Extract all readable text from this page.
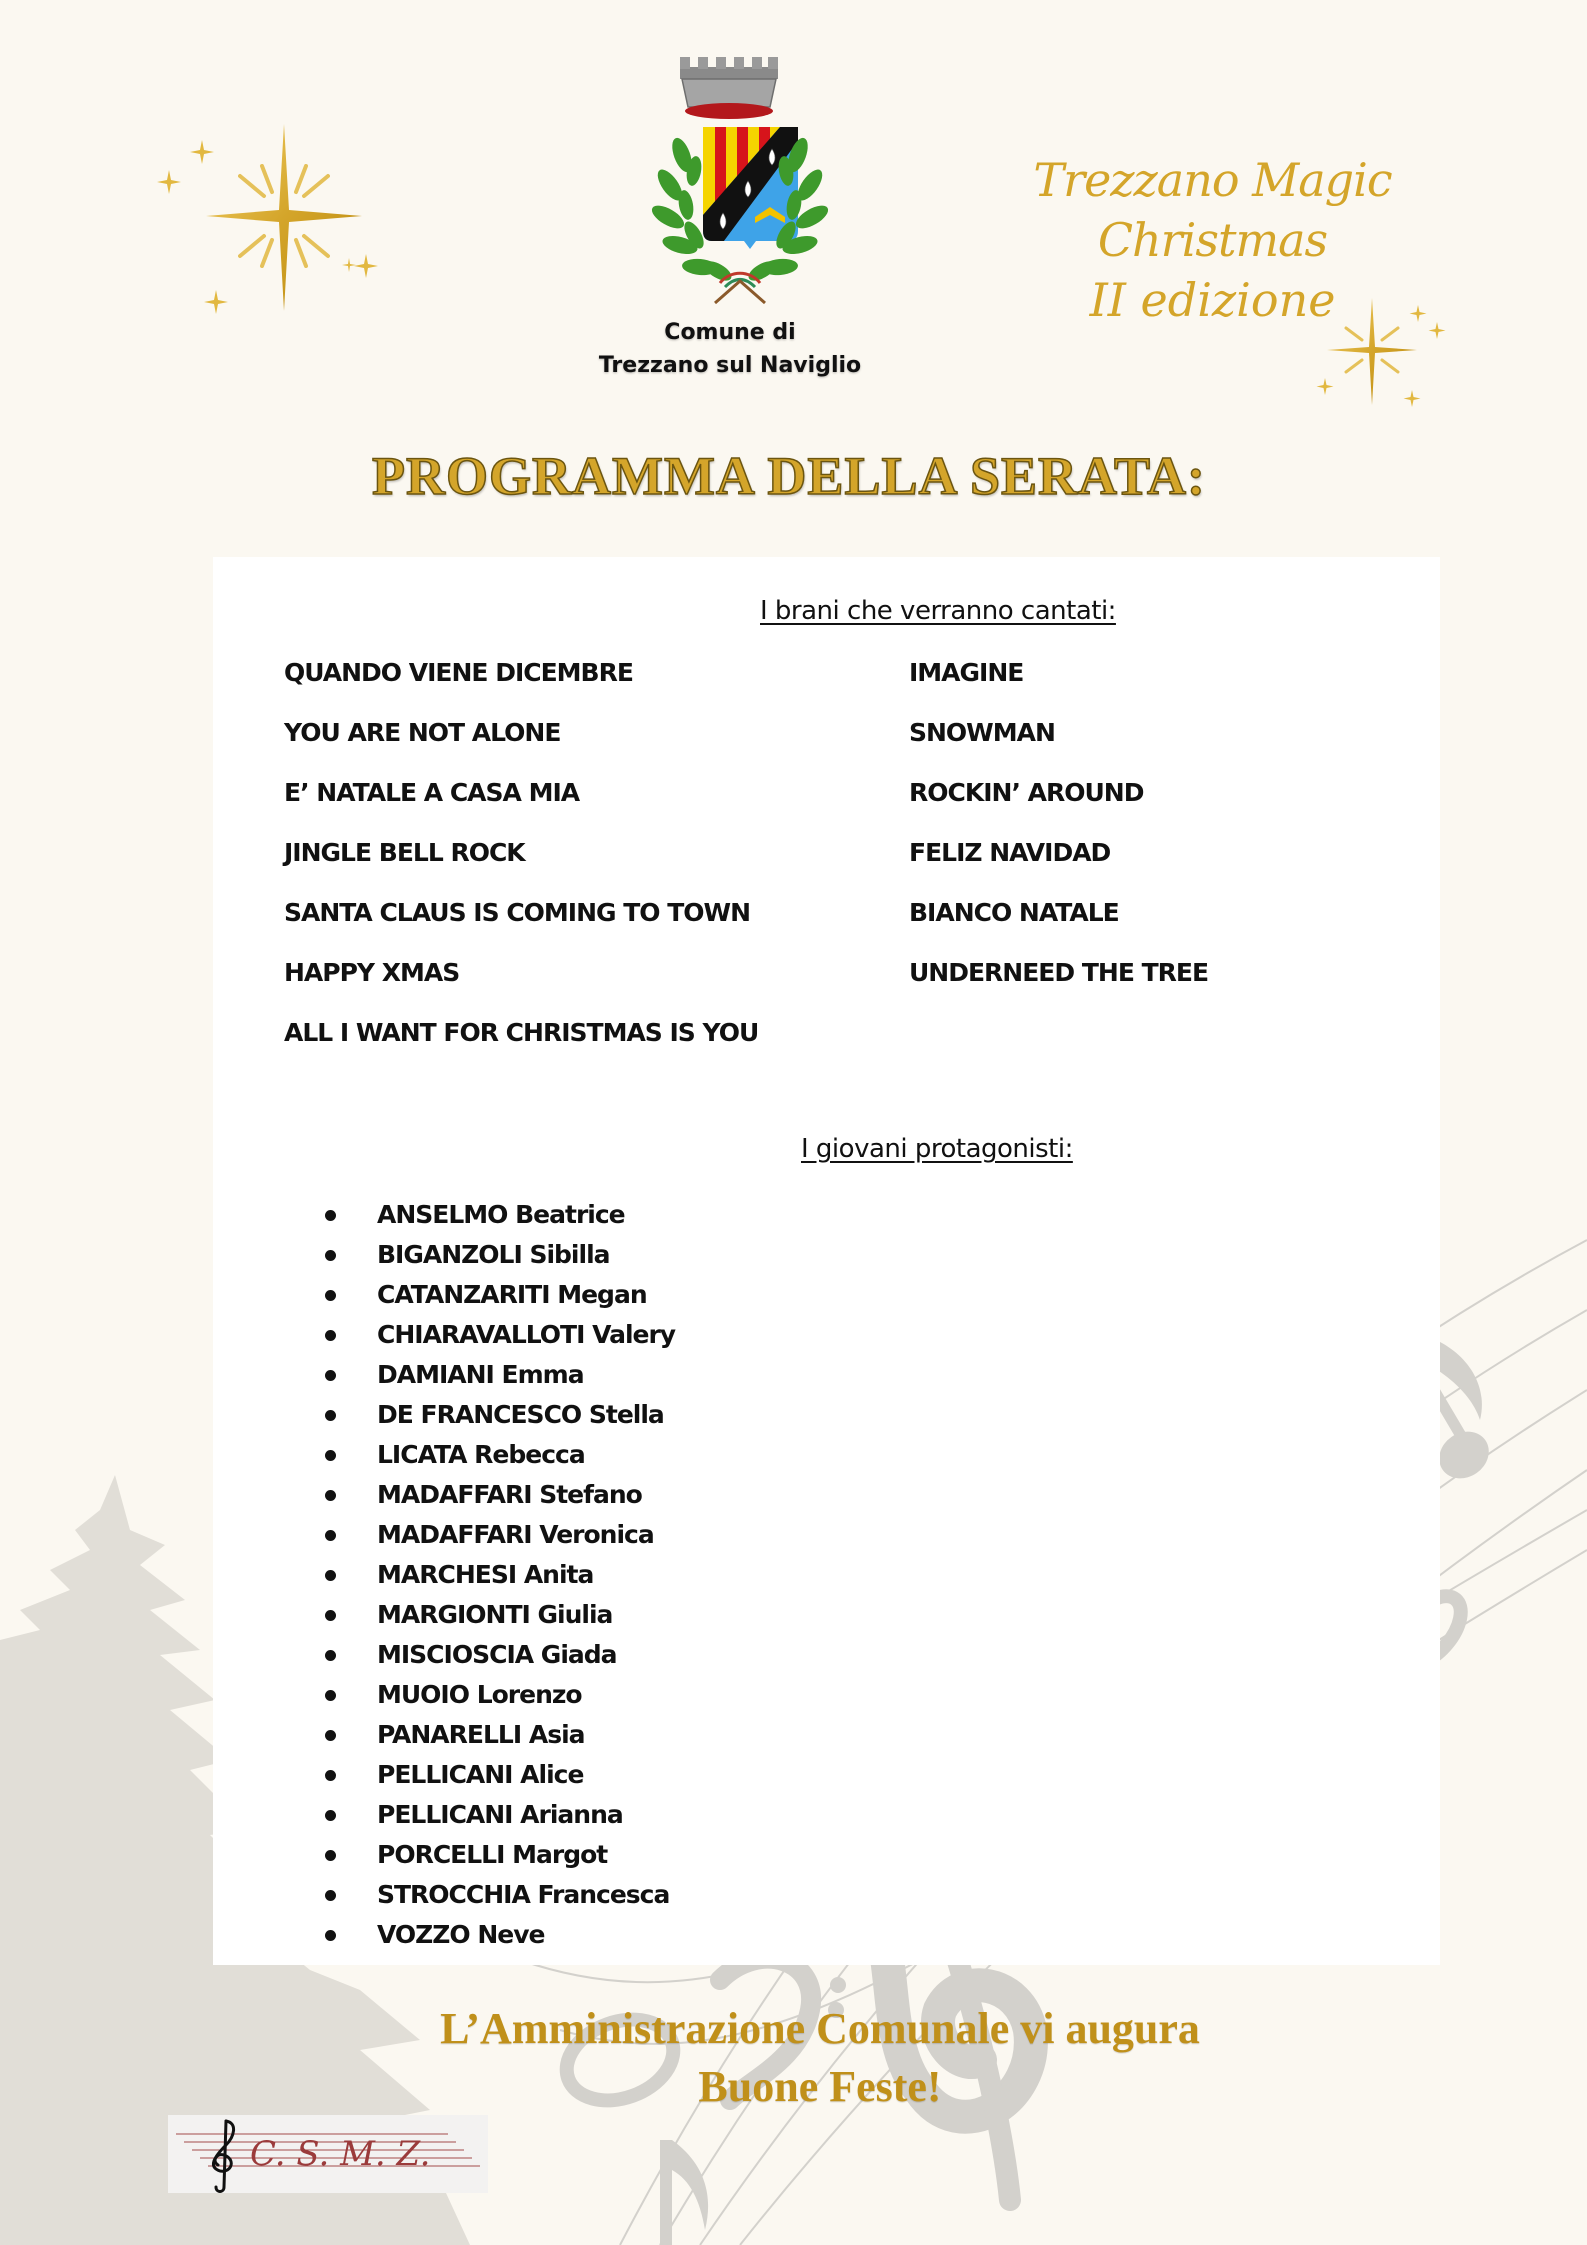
Comune di
Trezzano sul Naviglio
Trezzano Magic Christmas
II edizione
PROGRAMMA DELLA SERATA:
I brani che verranno cantati:
QUANDO VIENE DICEMBRE
YOU ARE NOT ALONE
E’ NATALE A CASA MIA
JINGLE BELL ROCK
SANTA CLAUS IS COMING TO TOWN
HAPPY XMAS
ALL I WANT FOR CHRISTMAS IS YOU
IMAGINE
SNOWMAN
ROCKIN’ AROUND
FELIZ NAVIDAD
BIANCO NATALE
UNDERNEED THE TREE
I giovani protagonisti:
ANSELMO Beatrice
BIGANZOLI Sibilla
CATANZARITI Megan
CHIARAVALLOTI Valery
DAMIANI Emma
DE FRANCESCO Stella
LICATA Rebecca
MADAFFARI Stefano
MADAFFARI Veronica
MARCHESI Anita
MARGIONTI Giulia
MISCIOSCIA Giada
MUOIO Lorenzo
PANARELLI Asia
PELLICANI Alice
PELLICANI Arianna
PORCELLI Margot
STROCCHIA Francesca
VOZZO Neve
L’Amministrazione Comunale vi augura
Buone Feste!
C. S. M. Z.
